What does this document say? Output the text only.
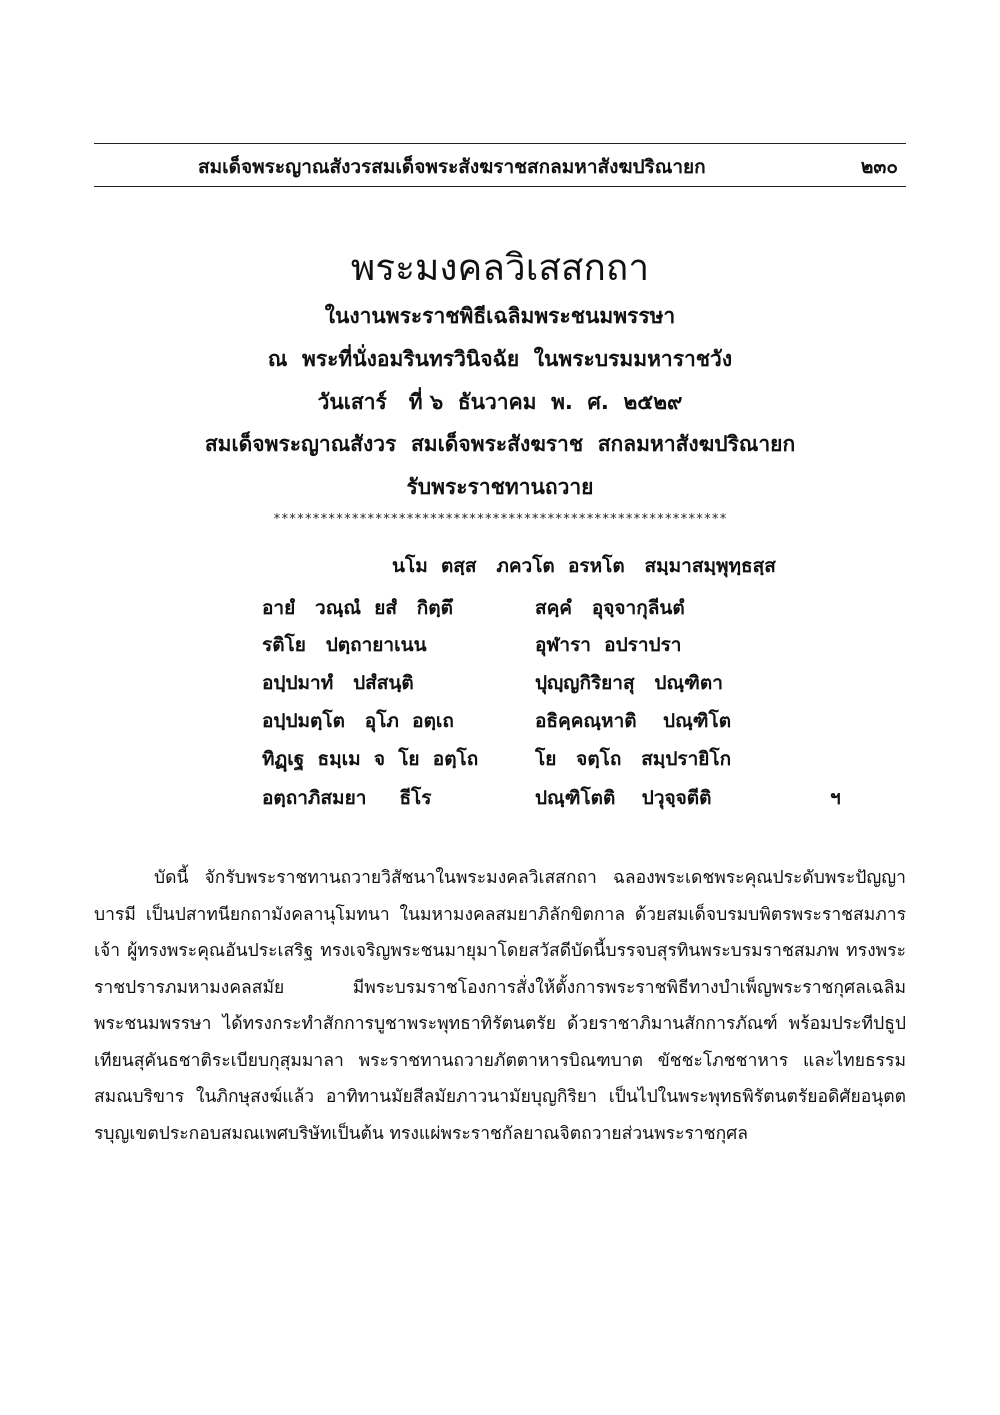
สมเด็จพระญาณสังวรสมเด็จพระสังฆราชสกลมหาสังฆปริณายก	๒๓๐
พระมงคลวิเสสกถา
ในงานพระราชพิธีเฉลิมพระชนมพรรษา
ณ  พระที่นั่งอมรินทรวินิจฉัย  ในพระบรมมหาราชวัง
วันเสาร์   ที่ ๖  ธันวาคม  พ.  ศ.  ๒๕๒๙
สมเด็จพระญาณสังวร  สมเด็จพระสังฆราช  สกลมหาสังฆปริณายก
รับพระราชทานถวาย
**********************************************************
นโม  ตสฺส   ภควโต  อรหโต   สมฺมาสมฺพุทฺธสฺส
อายํ   วณฺณํ  ยสํ   กิตฺตึ	สคฺคํ   อุจฺจากุลีนตํ
รติโย   ปตฺถายาเนน	อุฬารา  อปราปรา
อปฺปมาทํ   ปสํสนฺติ	ปุญฺญกิริยาสุ   ปณฺฑิตา
อปฺปมตฺโต   อุโภ  อตฺเถ	อธิคฺคณฺหาติ    ปณฺฑิโต
ทิฏฺเฐ  ธมฺเม  จ  โย  อตฺโถ	โย   จตฺโถ   สมฺปรายิโก
อตฺถาภิสมยา     ธีโร	ปณฺฑิโตติ    ปวุจฺจตีติ	ฯ

บัดนี้ จักรับพระราชทานถวายวิสัชนาในพระมงคลวิเสสกถา ฉลองพระเดชพระคุณประดับพระปัญญาบารมี เป็นปสาทนียกถามังคลานุโมทนา ในมหามงคลสมยาภิลักขิตกาล ด้วยสมเด็จบรมบพิตรพระราชสมภารเจ้า ผู้ทรงพระคุณอันประเสริฐ ทรงเจริญพระชนมายุมาโดยสวัสดีบัดนี้บรรจบสุรทินพระบรมราชสมภพ ทรงพระราชปรารภมหามงคลสมัย มีพระบรมราชโองการสั่งให้ตั้งการพระราชพิธีทางบำเพ็ญพระราชกุศลเฉลิมพระชนมพรรษา ได้ทรงกระทำสักการบูชาพระพุทธาทิรัตนตรัย ด้วยราชาภิมานสักการภัณฑ์ พร้อมประทีปธูปเทียนสุคันธชาติระเบียบกุสุมมาลา พระราชทานถวายภัตตาหารบิณฑบาต ขัชชะโภชชาหาร และไทยธรรมสมณบริขาร ในภิกษุสงฆ์แล้ว อาทิทานมัยสีลมัยภาวนามัยบุญกิริยา เป็นไปในพระพุทธพิรัตนตรัยอดิศัยอนุตตรบุญเขตประกอบสมณเพศบริษัทเป็นต้น ทรงแผ่พระราชกัลยาณจิตถวายส่วนพระราชกุศล
